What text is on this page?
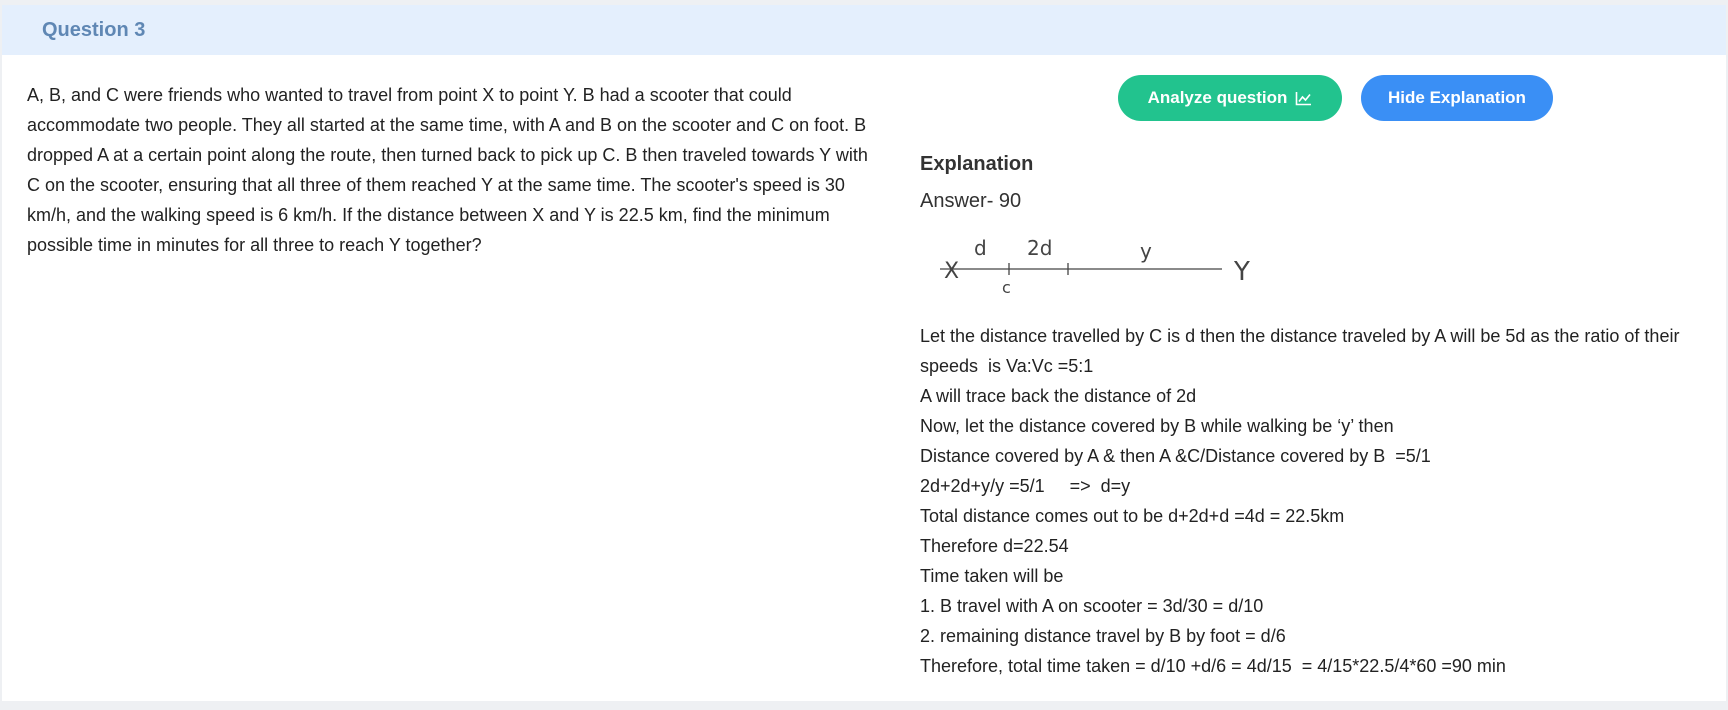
Question 3
A, B, and C were friends who wanted to travel from point X to point Y. B had a scooter that could accommodate two people. They all started at the same time, with A and B on the scooter and C on foot. B dropped A at a certain point along the route, then turned back to pick up C. B then traveled towards Y with C on the scooter, ensuring that all three of them reached Y at the same time. The scooter's speed is 30 km/h, and the walking speed is 6 km/h. If the distance between X and Y is 22.5 km, find the minimum possible time in minutes for all three to reach Y together?
Analyze question	Hide Explanation
Explanation
Answer- 90
X	Y
d 2d	y
c
Let the distance travelled by C is d then the distance traveled by A will be 5d as the ratio of their speeds  is Va:Vc =5:1
A will trace back the distance of 2d
Now, let the distance covered by B while walking be ‘y’ then
Distance covered by A & then A &C/Distance covered by B  =5/1
2d+2d+y/y =5/1     =>  d=y
Total distance comes out to be d+2d+d =4d = 22.5km
Therefore d=22.54
Time taken will be
1. B travel with A on scooter = 3d/30 = d/10
2. remaining distance travel by B by foot = d/6
Therefore, total time taken = d/10 +d/6 = 4d/15  = 4/15*22.5/4*60 =90 min
